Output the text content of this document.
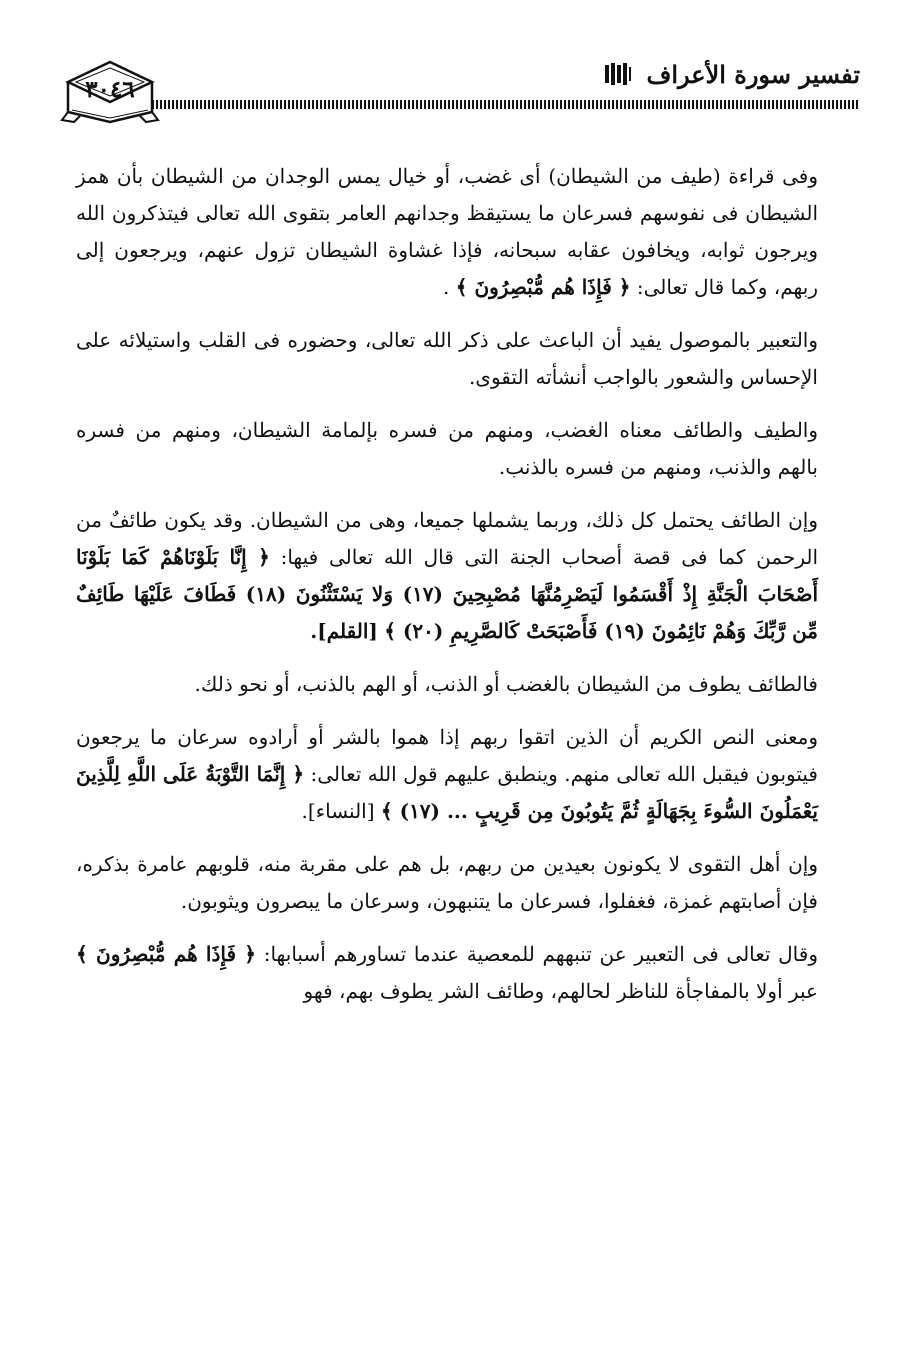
٣٠٤٦
تفسير سورة الأعراف

وفى قراءة (طيف من الشيطان) أى غضب، أو خيال يمس الوجدان من الشيطان بأن همز الشيطان فى نفوسهم فسرعان ما يستيقظ وجدانهم العامر بتقوى الله تعالى فيتذكرون الله ويرجون ثوابه، ويخافون عقابه سبحانه، فإذا غشاوة الشيطان تزول عنهم، ويرجعون إلى ربهم، وكما قال تعالى: ﴿ فَإِذَا هُم مُّبْصِرُونَ ﴾ .

والتعبير بالموصول يفيد أن الباعث على ذكر الله تعالى، وحضوره فى القلب واستيلائه على الإحساس والشعور بالواجب أنشأته التقوى.

والطيف والطائف معناه الغضب، ومنهم من فسره بإلمامة الشيطان، ومنهم من فسره بالهم والذنب، ومنهم من فسره بالذنب.

وإن الطائف يحتمل كل ذلك، وربما يشملها جميعا، وهى من الشيطان. وقد يكون طائفٌ من الرحمن كما فى قصة أصحاب الجنة التى قال الله تعالى فيها: ﴿ إِنَّا بَلَوْنَاهُمْ كَمَا بَلَوْنَا أَصْحَابَ الْجَنَّةِ إِذْ أَقْسَمُوا لَيَصْرِمُنَّهَا مُصْبِحِينَ (١٧) وَلا يَسْتَثْنُونَ (١٨) فَطَافَ عَلَيْهَا طَائِفٌ مِّن رَّبِّكَ وَهُمْ نَائِمُونَ (١٩) فَأَصْبَحَتْ كَالصَّرِيمِ (٢٠) ﴾ [القلم].

فالطائف يطوف من الشيطان بالغضب أو الذنب، أو الهم بالذنب، أو نحو ذلك.

ومعنى النص الكريم أن الذين اتقوا ربهم إذا هموا بالشر أو أرادوه سرعان ما يرجعون فيتوبون فيقبل الله تعالى منهم. وينطبق عليهم قول الله تعالى: ﴿ إِنَّمَا التَّوْبَةُ عَلَى اللَّهِ لِلَّذِينَ يَعْمَلُونَ السُّوءَ بِجَهَالَةٍ ثُمَّ يَتُوبُونَ مِن قَرِيبٍ ... (١٧) ﴾ [النساء].

وإن أهل التقوى لا يكونون بعيدين من ربهم، بل هم على مقربة منه، قلوبهم عامرة بذكره، فإن أصابتهم غمزة، فغفلوا، فسرعان ما يتنبهون، وسرعان ما يبصرون ويثوبون.

وقال تعالى فى التعبير عن تنبههم للمعصية عندما تساورهم أسبابها: ﴿ فَإِذَا هُم مُّبْصِرُونَ ﴾ عبر أولا بالمفاجأة للناظر لحالهم، وطائف الشر يطوف بهم، فهو
